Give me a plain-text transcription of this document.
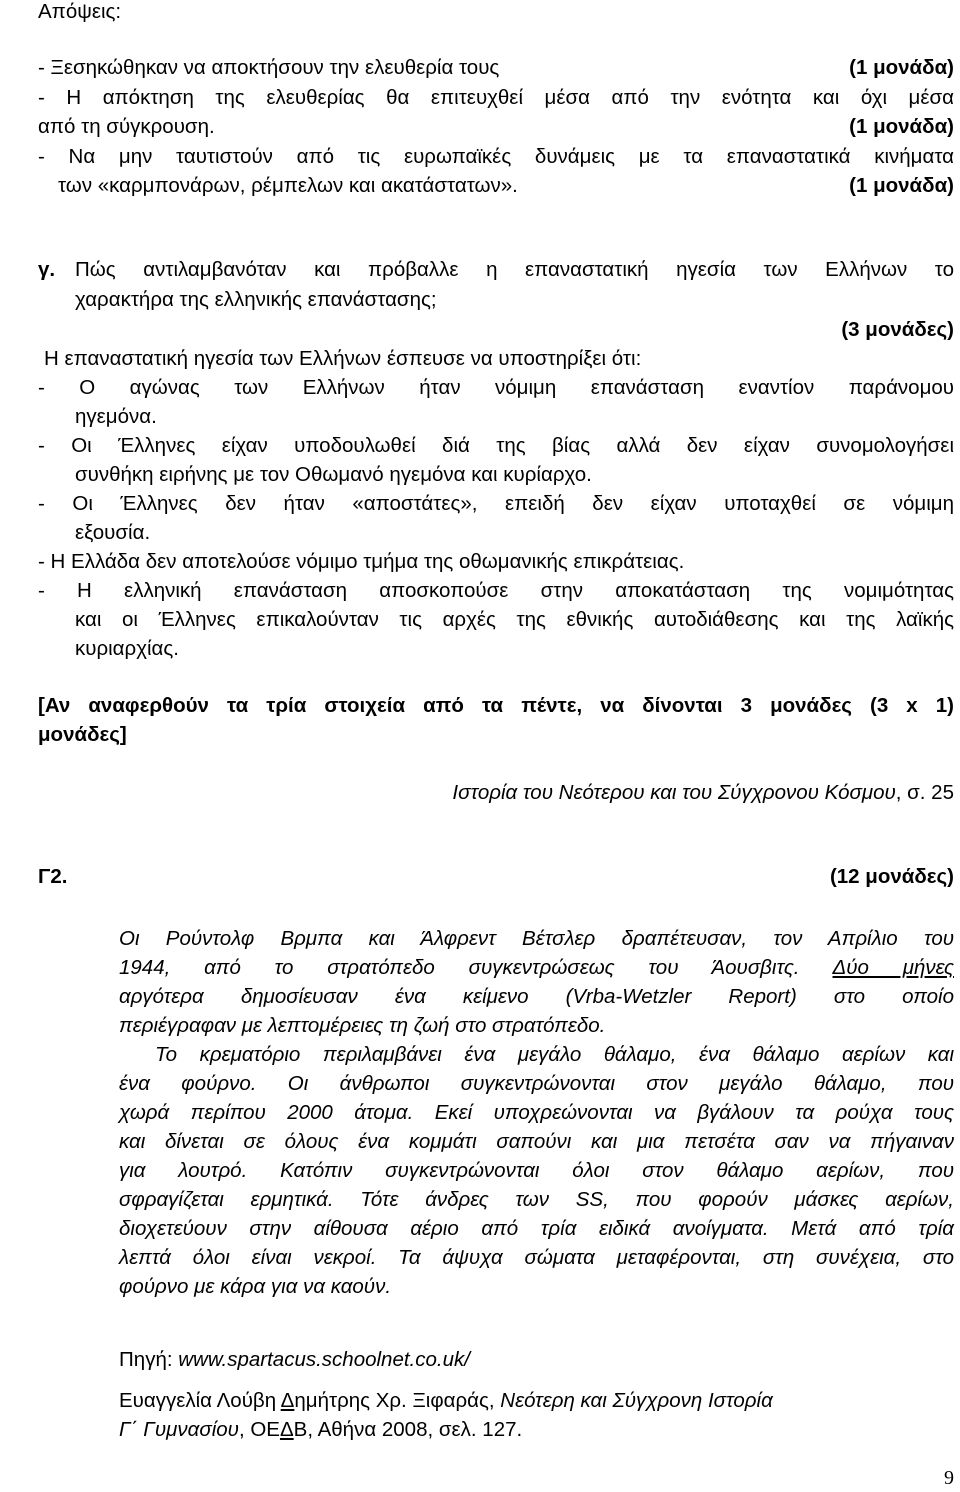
Απόψεις:
- Ξεσηκώθηκαν να αποκτήσουν την ελευθερία τους	(1 μονάδα)
- Η απόκτηση της ελευθερίας θα επιτευχθεί μέσα από την ενότητα και όχι μέσα
από τη σύγκρουση.	(1 μονάδα)
- Να μην ταυτιστούν από τις ευρωπαϊκές δυνάμεις με τα επαναστατικά κινήματα
των «καρμπονάρων, ρέμπελων και ακατάστατων».	(1 μονάδα)
γ. Πώς αντιλαμβανόταν και πρόβαλλε η επαναστατική ηγεσία των Ελλήνων το
χαρακτήρα της ελληνικής επανάστασης;
(3 μονάδες)
Η επαναστατική ηγεσία των Ελλήνων έσπευσε να υποστηρίξει ότι:
- Ο αγώνας των Ελλήνων ήταν νόμιμη επανάσταση εναντίον παράνομου
ηγεμόνα.
- Οι Έλληνες είχαν υποδουλωθεί διά της βίας αλλά δεν είχαν συνομολογήσει
συνθήκη ειρήνης με τον Οθωμανό ηγεμόνα και κυρίαρχο.
- Οι Έλληνες δεν ήταν «αποστάτες», επειδή δεν είχαν υποταχθεί σε νόμιμη
εξουσία.
- Η Ελλάδα δεν αποτελούσε νόμιμο τμήμα της οθωμανικής επικράτειας.
- Η ελληνική επανάσταση αποσκοπούσε στην αποκατάσταση της νομιμότητας
και οι Έλληνες επικαλούνταν τις αρχές της εθνικής αυτοδιάθεσης και της λαϊκής
κυριαρχίας.
[Αν αναφερθούν τα τρία στοιχεία από τα πέντε, να δίνονται 3 μονάδες (3 x 1)
μονάδες]
Ιστορία του Νεότερου και του Σύγχρονου Κόσμου, σ. 25
Γ2.	(12 μονάδες)
Οι Ρούντολφ Βρμπα και Άλφρεντ Βέτσλερ δραπέτευσαν, τον Απρίλιο του
1944, από το στρατόπεδο συγκεντρώσεως του Άουσβιτς. Δύο μήνες
αργότερα δημοσίευσαν ένα κείμενο (Vrba-Wetzler Report) στο οποίο
περιέγραφαν με λεπτομέρειες τη ζωή στο στρατόπεδο.
Το κρεματόριο περιλαμβάνει ένα μεγάλο θάλαμο, ένα θάλαμο αερίων και
ένα φούρνο. Οι άνθρωποι συγκεντρώνονται στον μεγάλο θάλαμο, που
χωρά περίπου 2000 άτομα. Εκεί υποχρεώνονται να βγάλουν τα ρούχα τους
και δίνεται σε όλους ένα κομμάτι σαπούνι και μια πετσέτα σαν να πήγαιναν
για λουτρό. Κατόπιν συγκεντρώνονται όλοι στον θάλαμο αερίων, που
σφραγίζεται ερμητικά. Τότε άνδρες των SS, που φορούν μάσκες αερίων,
διοχετεύουν στην αίθουσα αέριο από τρία ειδικά ανοίγματα. Μετά από τρία
λεπτά όλοι είναι νεκροί. Τα άψυχα σώματα μεταφέρονται, στη συνέχεια, στο
φούρνο με κάρα για να καούν.
Πηγή: www.spartacus.schoolnet.co.uk/
Ευαγγελία Λούβη Δημήτρης Χρ. Ξιφαράς, Νεότερη και Σύγχρονη Ιστορία
Γ΄ Γυμνασίου, ΟΕΔΒ, Αθήνα 2008, σελ. 127.
9
